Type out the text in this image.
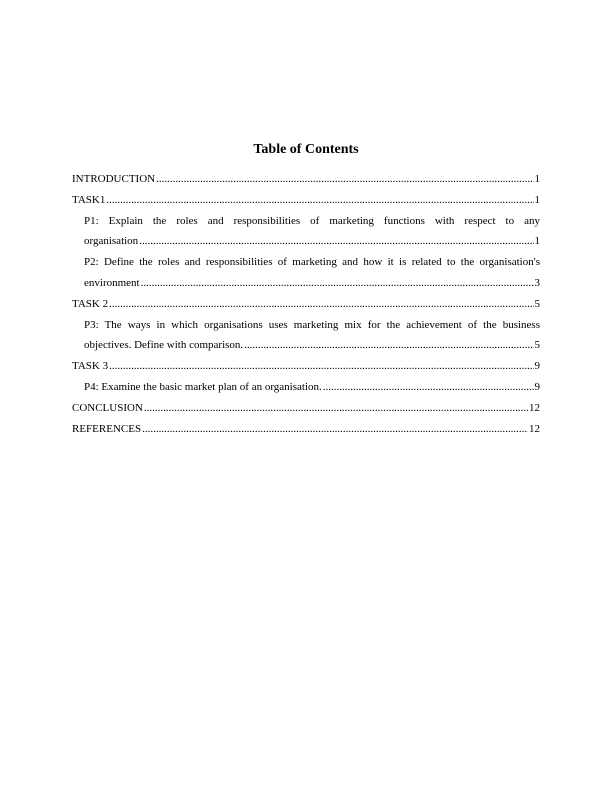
Table of Contents
INTRODUCTION .....	1
TASK1 .....	1
P1: Explain the roles and responsibilities of marketing functions with respect to any
organisation .....	1
P2: Define the roles and responsibilities of marketing and how it is related to the organisation's
environment .....	3
TASK 2 .....	5
P3: The ways in which organisations uses marketing mix for the achievement of the business
objectives. Define with comparison. .....	5
TASK 3 .....	9
P4: Examine the basic market plan of an organisation. .....	9
CONCLUSION .....	12
REFERENCES .....	12
